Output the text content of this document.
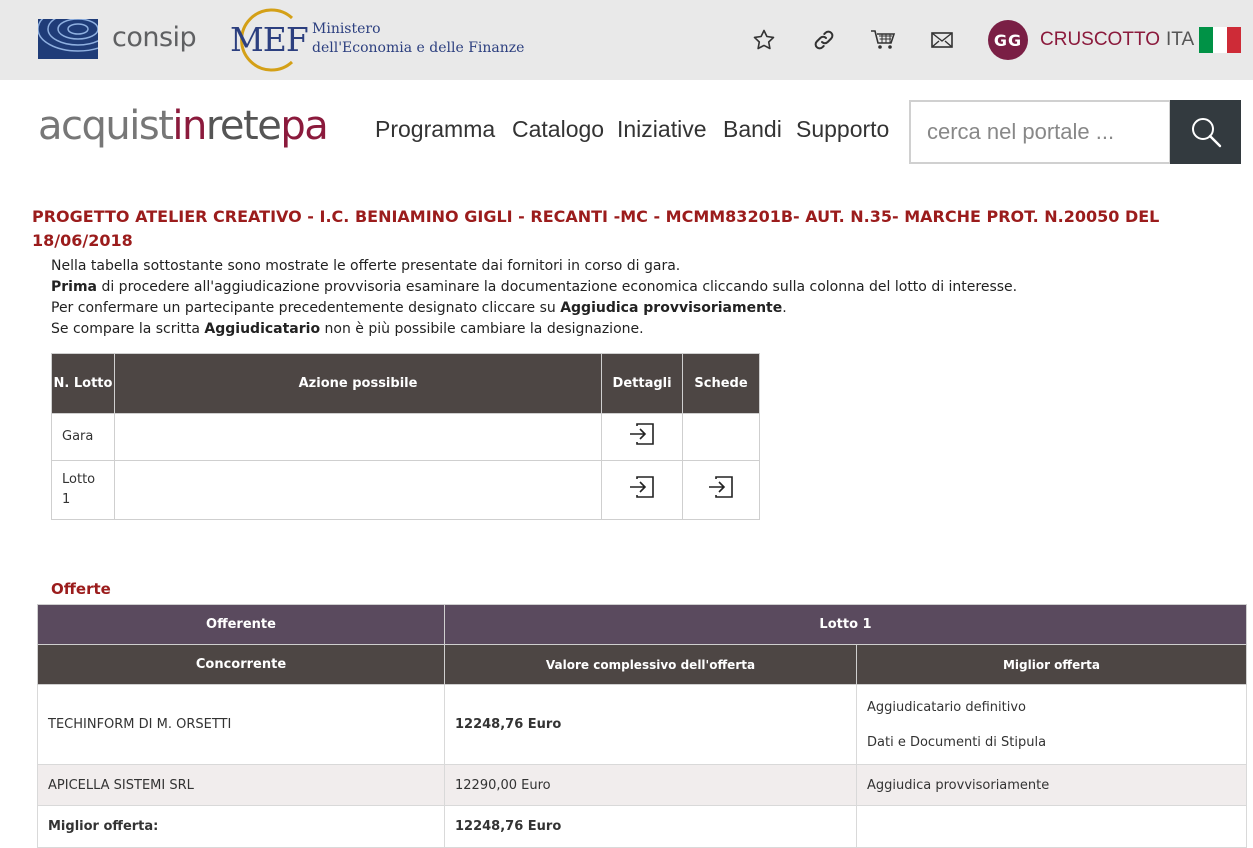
consip MEF Ministero
dell'Economia e delle Finanze	GG CRUSCOTTO ITA
acquistinretepa Programma Catalogo Iniziative Bandi Supporto
cerca nel portale ...
PROGETTO ATELIER CREATIVO - I.C. BENIAMINO GIGLI - RECANTI -MC - MCMM83201B- AUT. N.35- MARCHE PROT. N.20050 DEL 18/06/2018
Nella tabella sottostante sono mostrate le offerte presentate dai fornitori in corso di gara.
Prima di procedere all'aggiudicazione provvisoria esaminare la documentazione economica cliccando sulla colonna del lotto di interesse.
Per confermare un partecipante precedentemente designato cliccare su Aggiudica provvisoriamente.
Se compare la scritta Aggiudicatario non è più possibile cambiare la designazione.
N. Lotto	Azione possibile	Dettagli	Schede
Gara			
Lotto 1			
Offerte
Offerente	Lotto 1	
Concorrente	Valore complessivo dell'offerta	Miglior offerta
TECHINFORM DI M. ORSETTI	12248,76 Euro	Aggiudicatario definitivo
Dati e Documenti di Stipula

APICELLA SISTEMI SRL	12290,00 Euro	Aggiudica provvisoriamente

Miglior offerta:	12248,76 Euro	
